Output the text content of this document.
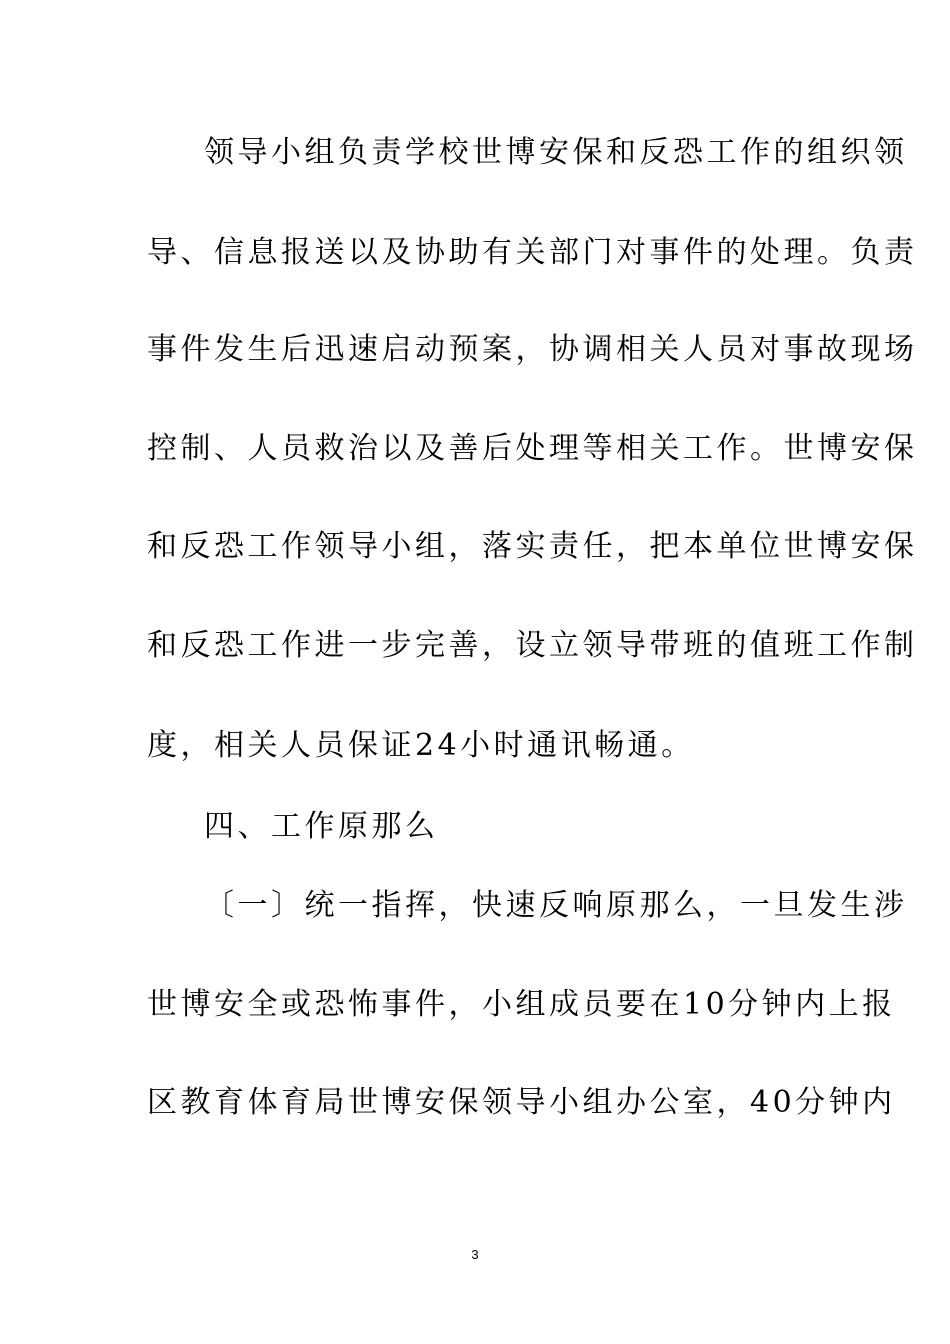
领导小组负责学校世博安保和反恐工作的组织领
导、信息报送以及协助有关部门对事件的处理。负责
事件发生后迅速启动预案，协调相关人员对事故现场
控制、人员救治以及善后处理等相关工作。世博安保
和反恐工作领导小组，落实责任，把本单位世博安保
和反恐工作进一步完善，设立领导带班的值班工作制
度，相关人员保证24小时通讯畅通。
四、工作原那么
〔一〕统一指挥，快速反响原那么，一旦发生涉
世博安全或恐怖事件，小组成员要在10分钟内上报
区教育体育局世博安保领导小组办公室，40分钟内
3
